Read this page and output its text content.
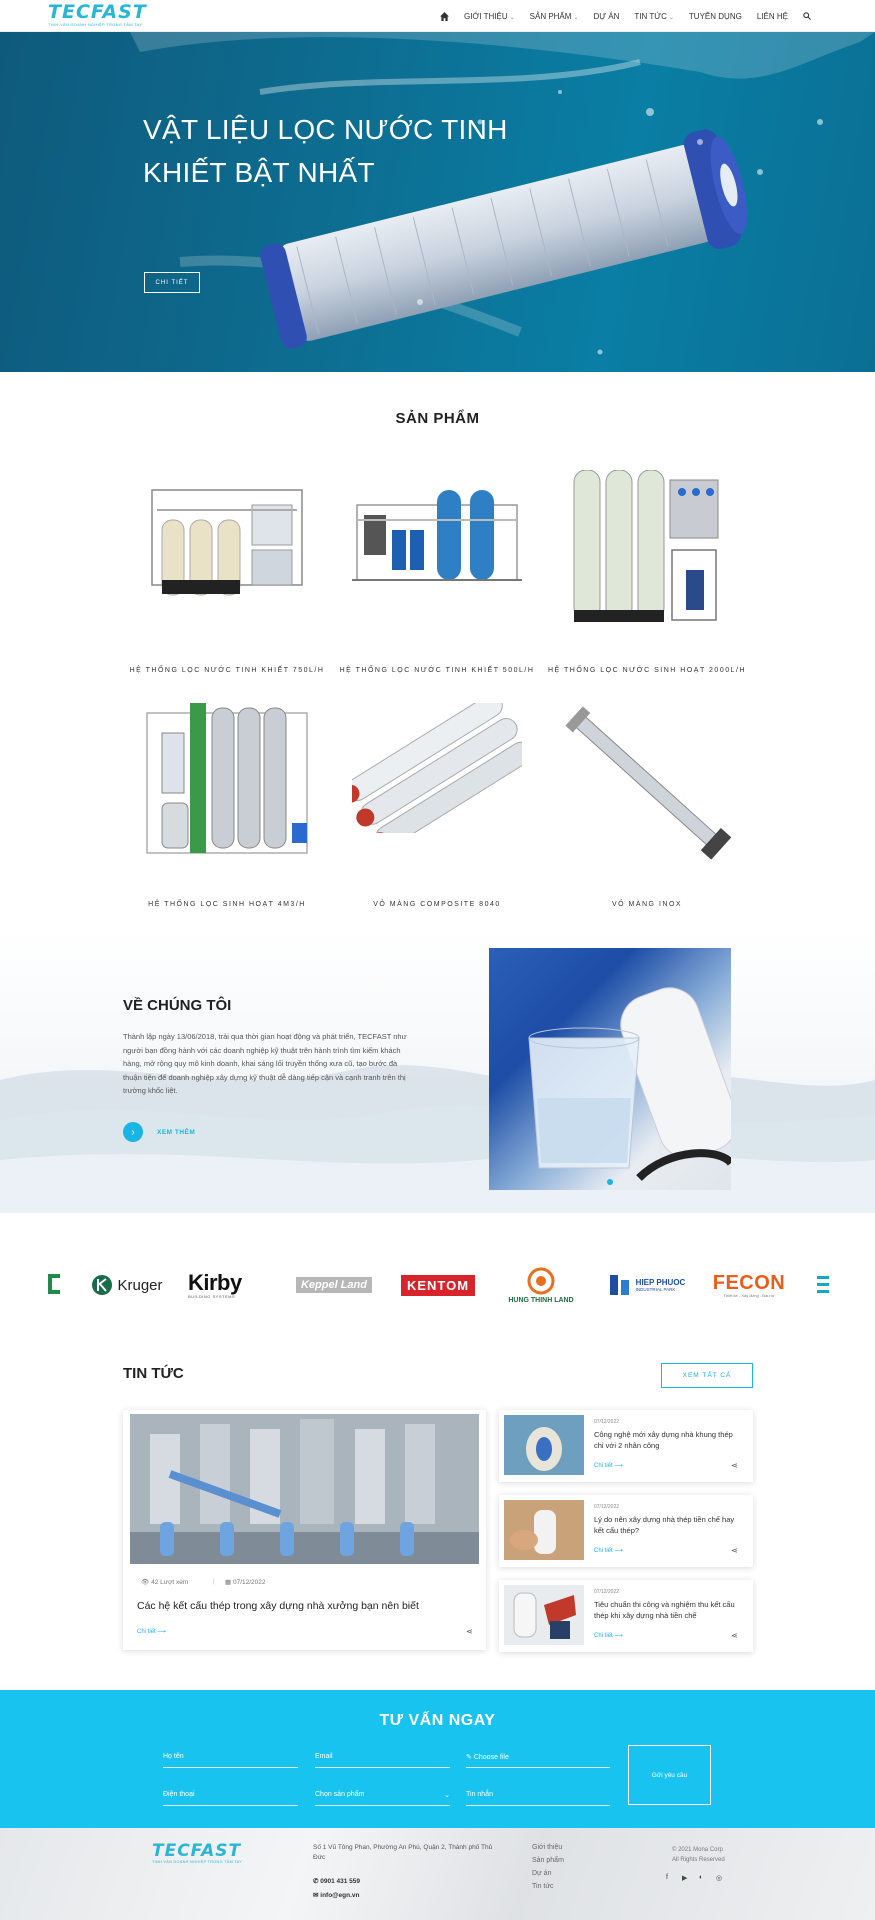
TECFAST
TINH VÂN DOANH NGHIỆP TRONG TẦM TAY
GIỚI THIỆU ⌄ SẢN PHẨM ⌄ DỰ ÁN TIN TỨC ⌄ TUYỂN DỤNG LIÊN HỆ
VẬT LIỆU LỌC NƯỚC TINH
KHIẾT BẬT NHẤT
CHI TIẾT
SẢN PHẨM
HỆ THỐNG LỌC NƯỚC TINH KHIẾT 750L/H	HỆ THỐNG LỌC NƯỚC TINH KHIẾT 500L/H	HỆ THỐNG LỌC NƯỚC SINH HOẠT 2000L/H
HỆ THỐNG LỌC SINH HOẠT 4M3/H	VỎ MÀNG COMPOSITE 8040	VỎ MÀNG INOX
VỀ CHÚNG TÔI
Thành lập ngày 13/06/2018, trải qua thời gian hoạt động và phát triển, TECFAST như người bạn đồng hành với các doanh nghiệp kỹ thuật trên hành trình tìm kiếm khách hàng, mở rộng quy mô kinh doanh, khai sáng lối truyền thống xưa cũ, tạo bước đà thuận tiện để doanh nghiệp xây dựng kỹ thuật dễ dàng tiếp cận và cạnh tranh trên thị trường khốc liệt.
›	XEM THÊM
Kruger Kirby
BUILDING SYSTEMS
Keppel Land	KENTOM
HUNG THINH LAND
HIEP PHUOC
INDUSTRIAL PARK	FECON
Thiết kế - Xây dựng - Đầu tư
TIN TỨC	XEM TẤT CẢ
👁 42 Lượt xem	| ▦ 07/12/2022
Các hệ kết cấu thép trong xây dựng nhà xưởng bạn nên biết
Chi tiết ⟶	⋖
07/12/2022
Công nghệ mới xây dựng nhà khung thép chỉ với 2 nhân công
Chi tiết ⟶	⋖
07/12/2022
Lý do nên xây dựng nhà thép tiền chế hay kết cấu thép?
Chi tiết ⟶	⋖
07/12/2022
Tiêu chuẩn thi công và nghiệm thu kết cấu thép khi xây dựng nhà tiền chế
Chi tiết ⟶	⋖
TƯ VẤN NGAY
Họ tên	Email	✎ Choose file
Điện thoại	Chọn sản phẩm	⌄ Tin nhắn
Gửi yêu cầu
TECFAST
TINH VÂN DOANH NGHIỆP TRONG TẦM TAY
Số 1 Vũ Tông Phan, Phường An Phú, Quận 2, Thành phố Thủ Đức
✆ 0901 431 559
✉ info@egn.vn
Giới thiệu
Sản phẩm
Dự án
Tin tức
© 2021 Mona Corp
All Rights Reserved
f ▶ ◐ ◎
